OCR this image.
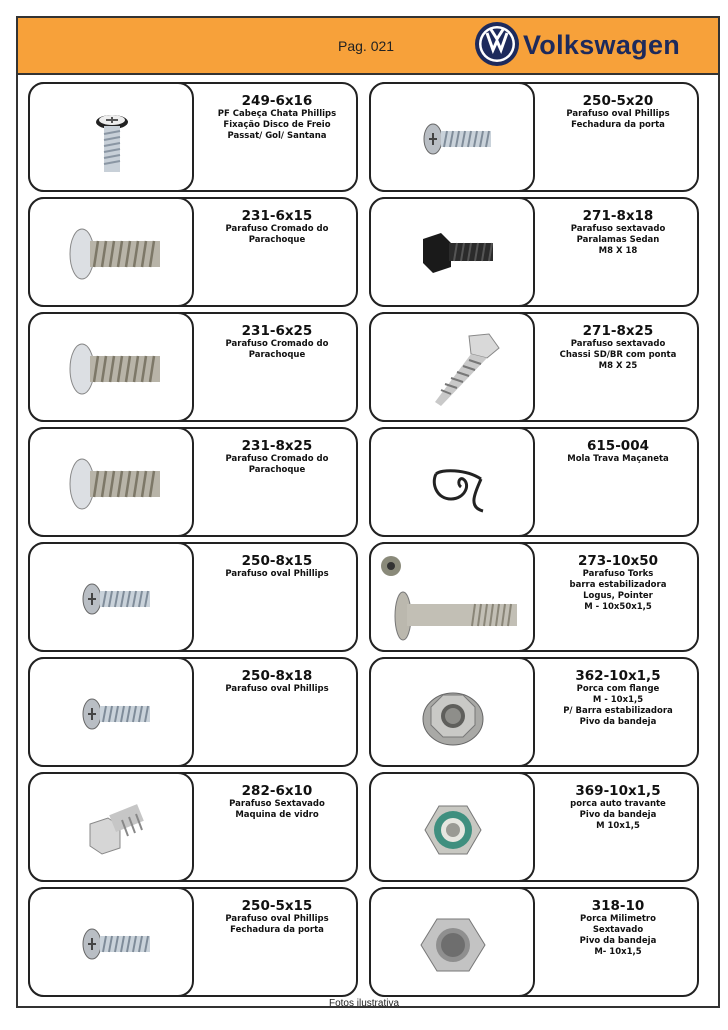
Pag. 021	Volkswagen
249-6x16
PF Cabeça Chata Phillips
Fixação Disco de Freio
Passat/ Gol/ Santana
250-5x20
Parafuso oval Phillips
Fechadura da porta
231-6x15
Parafuso Cromado do
Parachoque
271-8x18
Parafuso sextavado
Paralamas Sedan
M8 X 18
231-6x25
Parafuso Cromado do
Parachoque
271-8x25
Parafuso sextavado
Chassi SD/BR com ponta
M8 X 25
231-8x25
Parafuso Cromado do
Parachoque
615-004
Mola Trava Maçaneta
250-8x15
Parafuso oval Phillips
273-10x50
Parafuso Torks
barra estabilizadora
Logus, Pointer
M - 10x50x1,5
250-8x18
Parafuso oval Phillips
362-10x1,5
Porca com flange
M - 10x1,5
P/ Barra estabilizadora
Pivo da bandeja
282-6x10
Parafuso Sextavado
Maquina de vidro
369-10x1,5
porca auto travante
Pivo da bandeja
M 10x1,5
250-5x15
Parafuso oval Phillips
Fechadura da porta
318-10
Porca Milimetro
Sextavado
Pivo da bandeja
M- 10x1,5
Fotos ilustrativa
